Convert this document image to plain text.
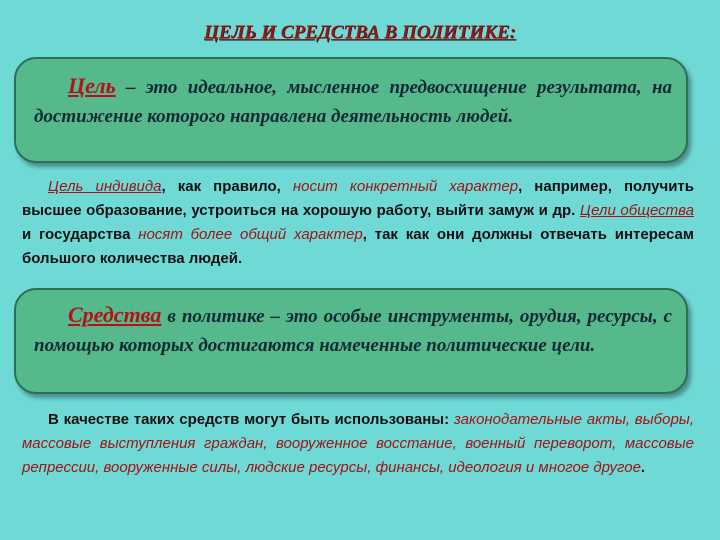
ЦЕЛЬ И СРЕДСТВА В ПОЛИТИКЕ:
Цель – это идеальное, мысленное предвосхищение результата, на достижение которого направлена деятельность людей.
Цель индивида, как правило, носит конкретный характер, например, получить высшее образование, устроиться на хорошую работу, выйти замуж и др. Цели общества и государства носят более общий характер, так как они должны отвечать интересам большого количества людей.
Средства в политике – это особые инструменты, орудия, ресурсы, с помощью которых достигаются намеченные политические цели.
В качестве таких средств могут быть использованы: законодательные акты, выборы, массовые выступления граждан, вооруженное восстание, военный переворот, массовые репрессии, вооруженные силы, людские ресурсы, финансы, идеология и многое другое.
